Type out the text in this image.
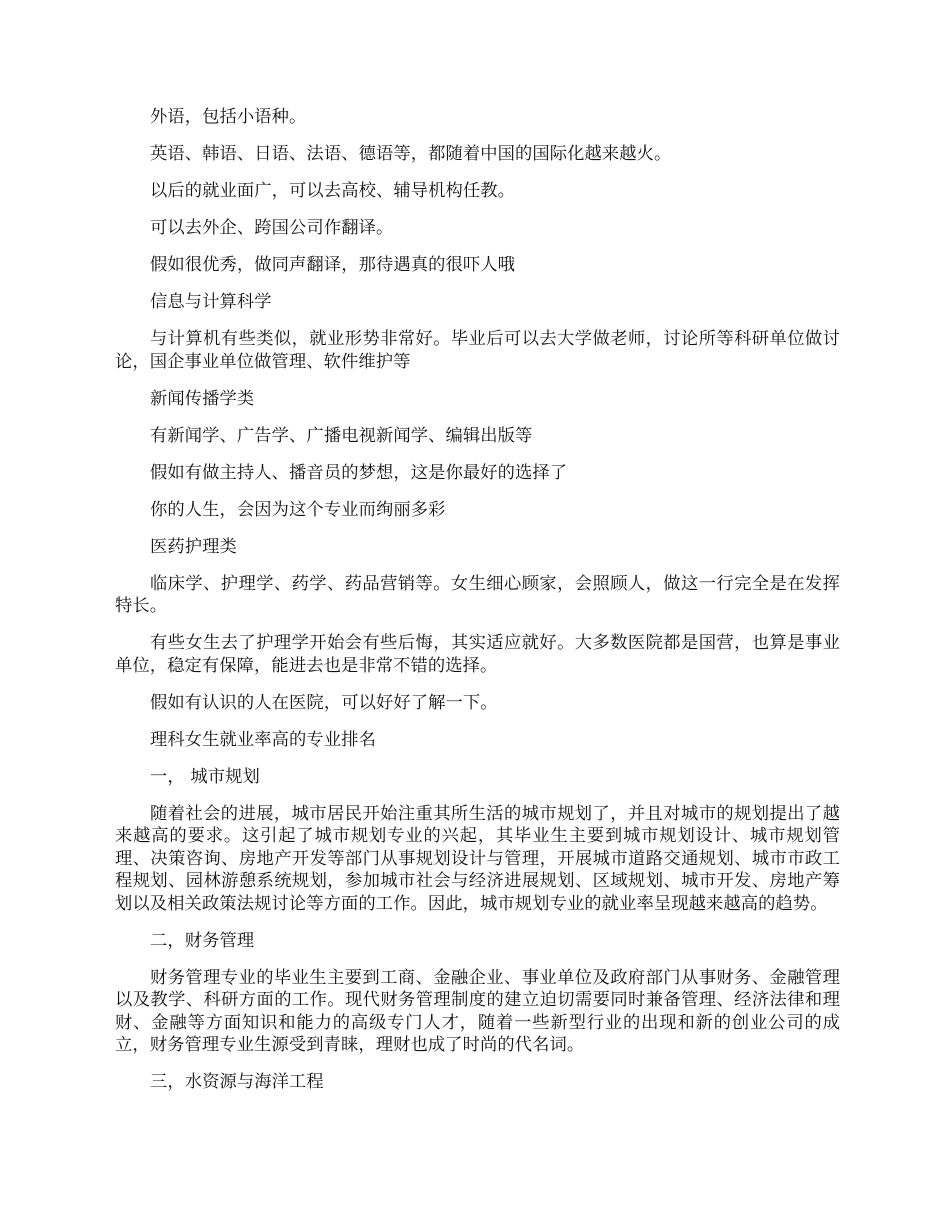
外语，包括小语种。

英语、韩语、日语、法语、德语等，都随着中国的国际化越来越火。

以后的就业面广，可以去高校、辅导机构任教。

可以去外企、跨国公司作翻译。

假如很优秀，做同声翻译，那待遇真的很吓人哦

信息与计算科学

与计算机有些类似，就业形势非常好。毕业后可以去大学做老师，讨论所等科研单位做讨论，国企事业单位做管理、软件维护等

新闻传播学类

有新闻学、广告学、广播电视新闻学、编辑出版等

假如有做主持人、播音员的梦想，这是你最好的选择了

你的人生，会因为这个专业而绚丽多彩

医药护理类

临床学、护理学、药学、药品营销等。女生细心顾家，会照顾人，做这一行完全是在发挥特长。

有些女生去了护理学开始会有些后悔，其实适应就好。大多数医院都是国营，也算是事业单位，稳定有保障，能进去也是非常不错的选择。

假如有认识的人在医院，可以好好了解一下。

理科女生就业率高的专业排名

一， 城市规划

随着社会的进展，城市居民开始注重其所生活的城市规划了，并且对城市的规划提出了越来越高的要求。这引起了城市规划专业的兴起，其毕业生主要到城市规划设计、城市规划管理、决策咨询、房地产开发等部门从事规划设计与管理，开展城市道路交通规划、城市市政工程规划、园林游憩系统规划，参加城市社会与经济进展规划、区域规划、城市开发、房地产筹划以及相关政策法规讨论等方面的工作。因此，城市规划专业的就业率呈现越来越高的趋势。

二，财务管理

财务管理专业的毕业生主要到工商、金融企业、事业单位及政府部门从事财务、金融管理以及教学、科研方面的工作。现代财务管理制度的建立迫切需要同时兼备管理、经济法律和理财、金融等方面知识和能力的高级专门人才，随着一些新型行业的出现和新的创业公司的成立，财务管理专业生源受到青睐，理财也成了时尚的代名词。

三，水资源与海洋工程
